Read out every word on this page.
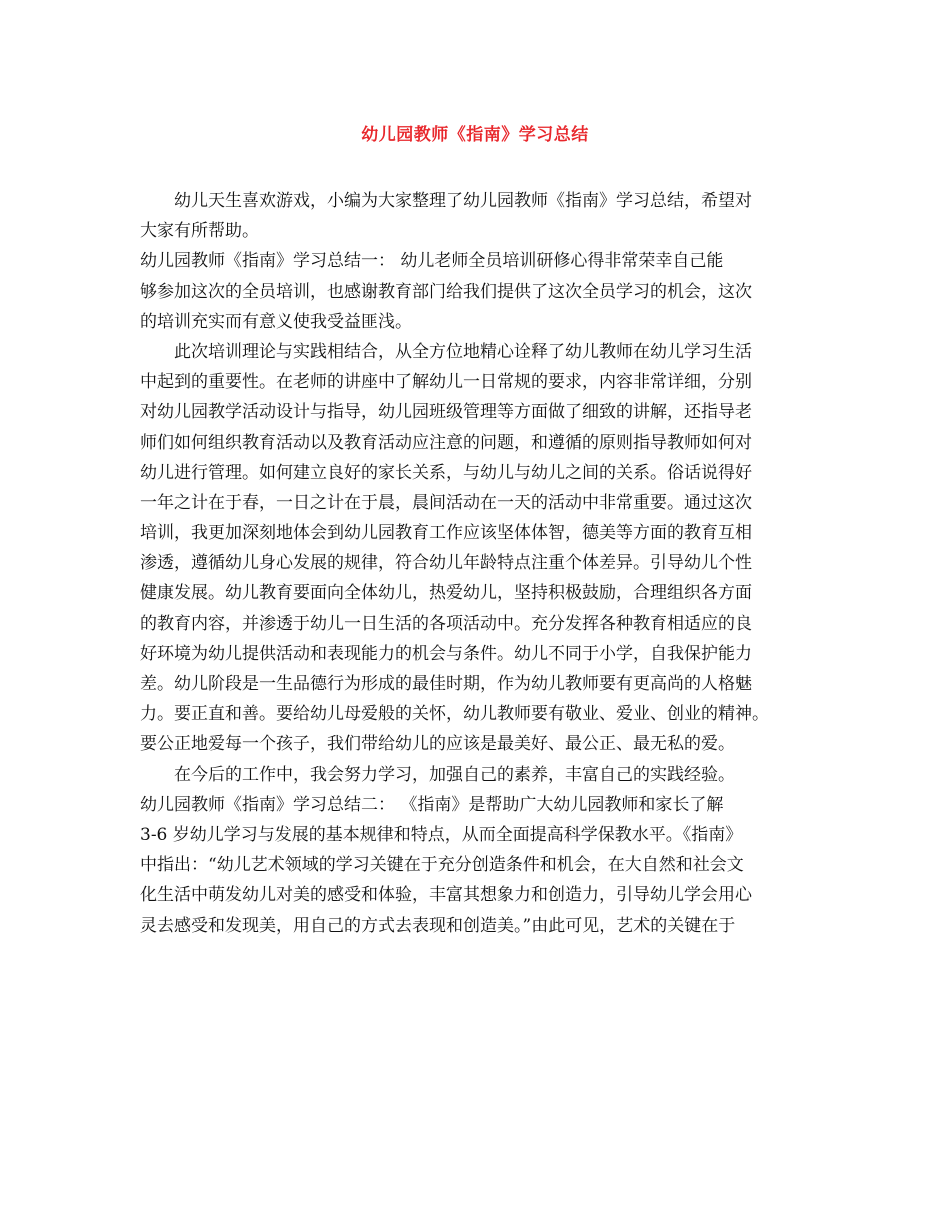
幼儿园教师《指南》学习总结
幼儿天生喜欢游戏，小编为大家整理了幼儿园教师《指南》学习总结，希望对
大家有所帮助。
幼儿园教师《指南》学习总结一： 幼儿老师全员培训研修心得非常荣幸自己能
够参加这次的全员培训，也感谢教育部门给我们提供了这次全员学习的机会，这次
的培训充实而有意义使我受益匪浅。
此次培训理论与实践相结合，从全方位地精心诠释了幼儿教师在幼儿学习生活
中起到的重要性。在老师的讲座中了解幼儿一日常规的要求，内容非常详细，分别
对幼儿园教学活动设计与指导，幼儿园班级管理等方面做了细致的讲解，还指导老
师们如何组织教育活动以及教育活动应注意的问题，和遵循的原则指导教师如何对
幼儿进行管理。如何建立良好的家长关系，与幼儿与幼儿之间的关系。俗话说得好
一年之计在于春，一日之计在于晨，晨间活动在一天的活动中非常重要。通过这次
培训，我更加深刻地体会到幼儿园教育工作应该坚体体智，德美等方面的教育互相
渗透，遵循幼儿身心发展的规律，符合幼儿年龄特点注重个体差异。引导幼儿个性
健康发展。幼儿教育要面向全体幼儿，热爱幼儿，坚持积极鼓励，合理组织各方面
的教育内容，并渗透于幼儿一日生活的各项活动中。充分发挥各种教育相适应的良
好环境为幼儿提供活动和表现能力的机会与条件。幼儿不同于小学，自我保护能力
差。幼儿阶段是一生品德行为形成的最佳时期，作为幼儿教师要有更高尚的人格魅
力。要正直和善。要给幼儿母爱般的关怀，幼儿教师要有敬业、爱业、创业的精神。
要公正地爱每一个孩子，我们带给幼儿的应该是最美好、最公正、最无私的爱。
在今后的工作中，我会努力学习，加强自己的素养，丰富自己的实践经验。
幼儿园教师《指南》学习总结二： 《指南》是帮助广大幼儿园教师和家长了解
3-6 岁幼儿学习与发展的基本规律和特点，从而全面提高科学保教水平。《指南》
中指出：“幼儿艺术领域的学习关键在于充分创造条件和机会，在大自然和社会文
化生活中萌发幼儿对美的感受和体验，丰富其想象力和创造力，引导幼儿学会用心
灵去感受和发现美，用自己的方式去表现和创造美。”由此可见，艺术的关键在于
